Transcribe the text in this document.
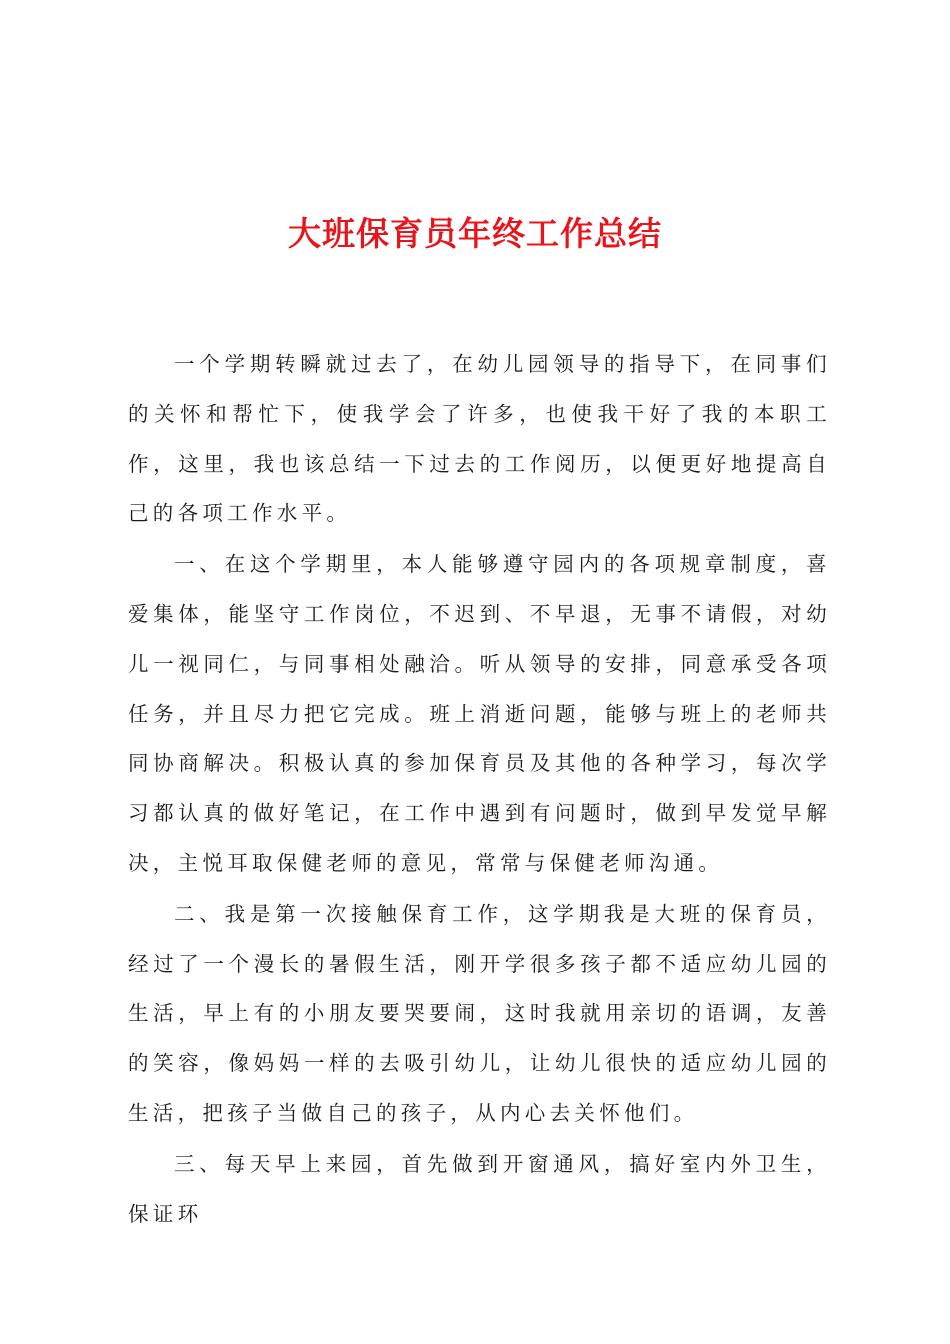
大班保育员年终工作总结

一个学期转瞬就过去了，在幼儿园领导的指导下，在同事们的关怀和帮忙下，使我学会了许多，也使我干好了我的本职工作，这里，我也该总结一下过去的工作阅历，以便更好地提高自己的各项工作水平。

一、在这个学期里，本人能够遵守园内的各项规章制度，喜爱集体，能坚守工作岗位，不迟到、不早退，无事不请假，对幼儿一视同仁，与同事相处融洽。听从领导的安排，同意承受各项任务，并且尽力把它完成。班上消逝问题，能够与班上的老师共同协商解决。积极认真的参加保育员及其他的各种学习，每次学习都认真的做好笔记，在工作中遇到有问题时，做到早发觉早解决，主悦耳取保健老师的意见，常常与保健老师沟通。

二、我是第一次接触保育工作，这学期我是大班的保育员，经过了一个漫长的暑假生活，刚开学很多孩子都不适应幼儿园的生活，早上有的小朋友要哭要闹，这时我就用亲切的语调，友善的笑容，像妈妈一样的去吸引幼儿，让幼儿很快的适应幼儿园的生活，把孩子当做自己的孩子，从内心去关怀他们。

三、每天早上来园，首先做到开窗通风，搞好室内外卫生，保证环
